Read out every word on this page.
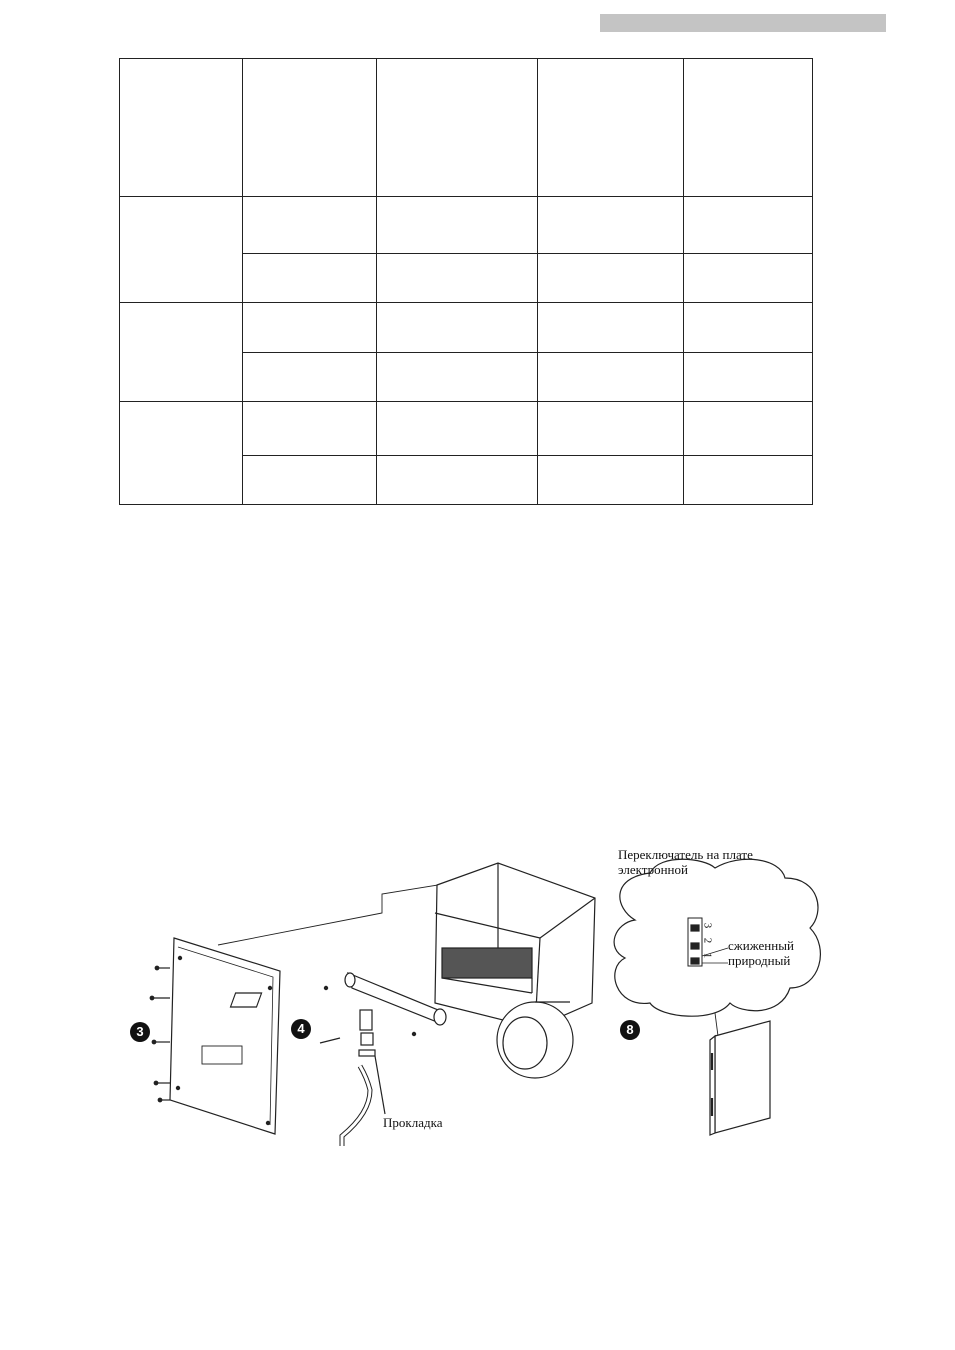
3	4	8
Переключатель на плате
электронной
3
2
1
сжиженный
природный
Прокладка
